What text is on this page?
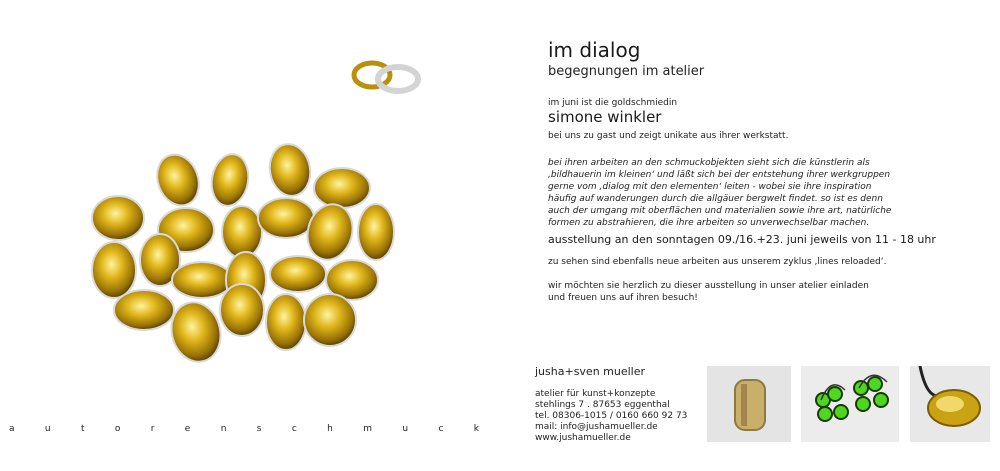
a	u	t	o	r	e	n	s	c	h	m	u	c	k
im dialog
begegnungen im atelier
im juni ist die goldschmiedin
simone winkler
bei uns zu gast und zeigt unikate aus ihrer werkstatt.
bei ihren arbeiten an den schmuckobjekten sieht sich die künstlerin als
‚bildhauerin im kleinen‘ und läßt sich bei der entstehung ihrer werkgruppen
gerne vom ‚dialog mit den elementen‘ leiten - wobei sie ihre inspiration
häufig auf wanderungen durch die allgäuer bergwelt findet. so ist es denn
auch der umgang mit oberflächen und materialien sowie ihre art, natürliche
formen zu abstrahieren, die ihre arbeiten so unverwechselbar machen.
ausstellung an den sonntagen 09./16.+23. juni jeweils von 11 - 18 uhr
zu sehen sind ebenfalls neue arbeiten aus unserem zyklus ‚lines reloaded‘.
wir möchten sie herzlich zu dieser ausstellung in unser atelier einladen
und freuen uns auf ihren besuch!
jusha+sven mueller
atelier für kunst+konzepte
stehlings 7 . 87653 eggenthal
tel. 08306-1015 / 0160 660 92 73
mail: info@jushamueller.de
www.jushamueller.de
